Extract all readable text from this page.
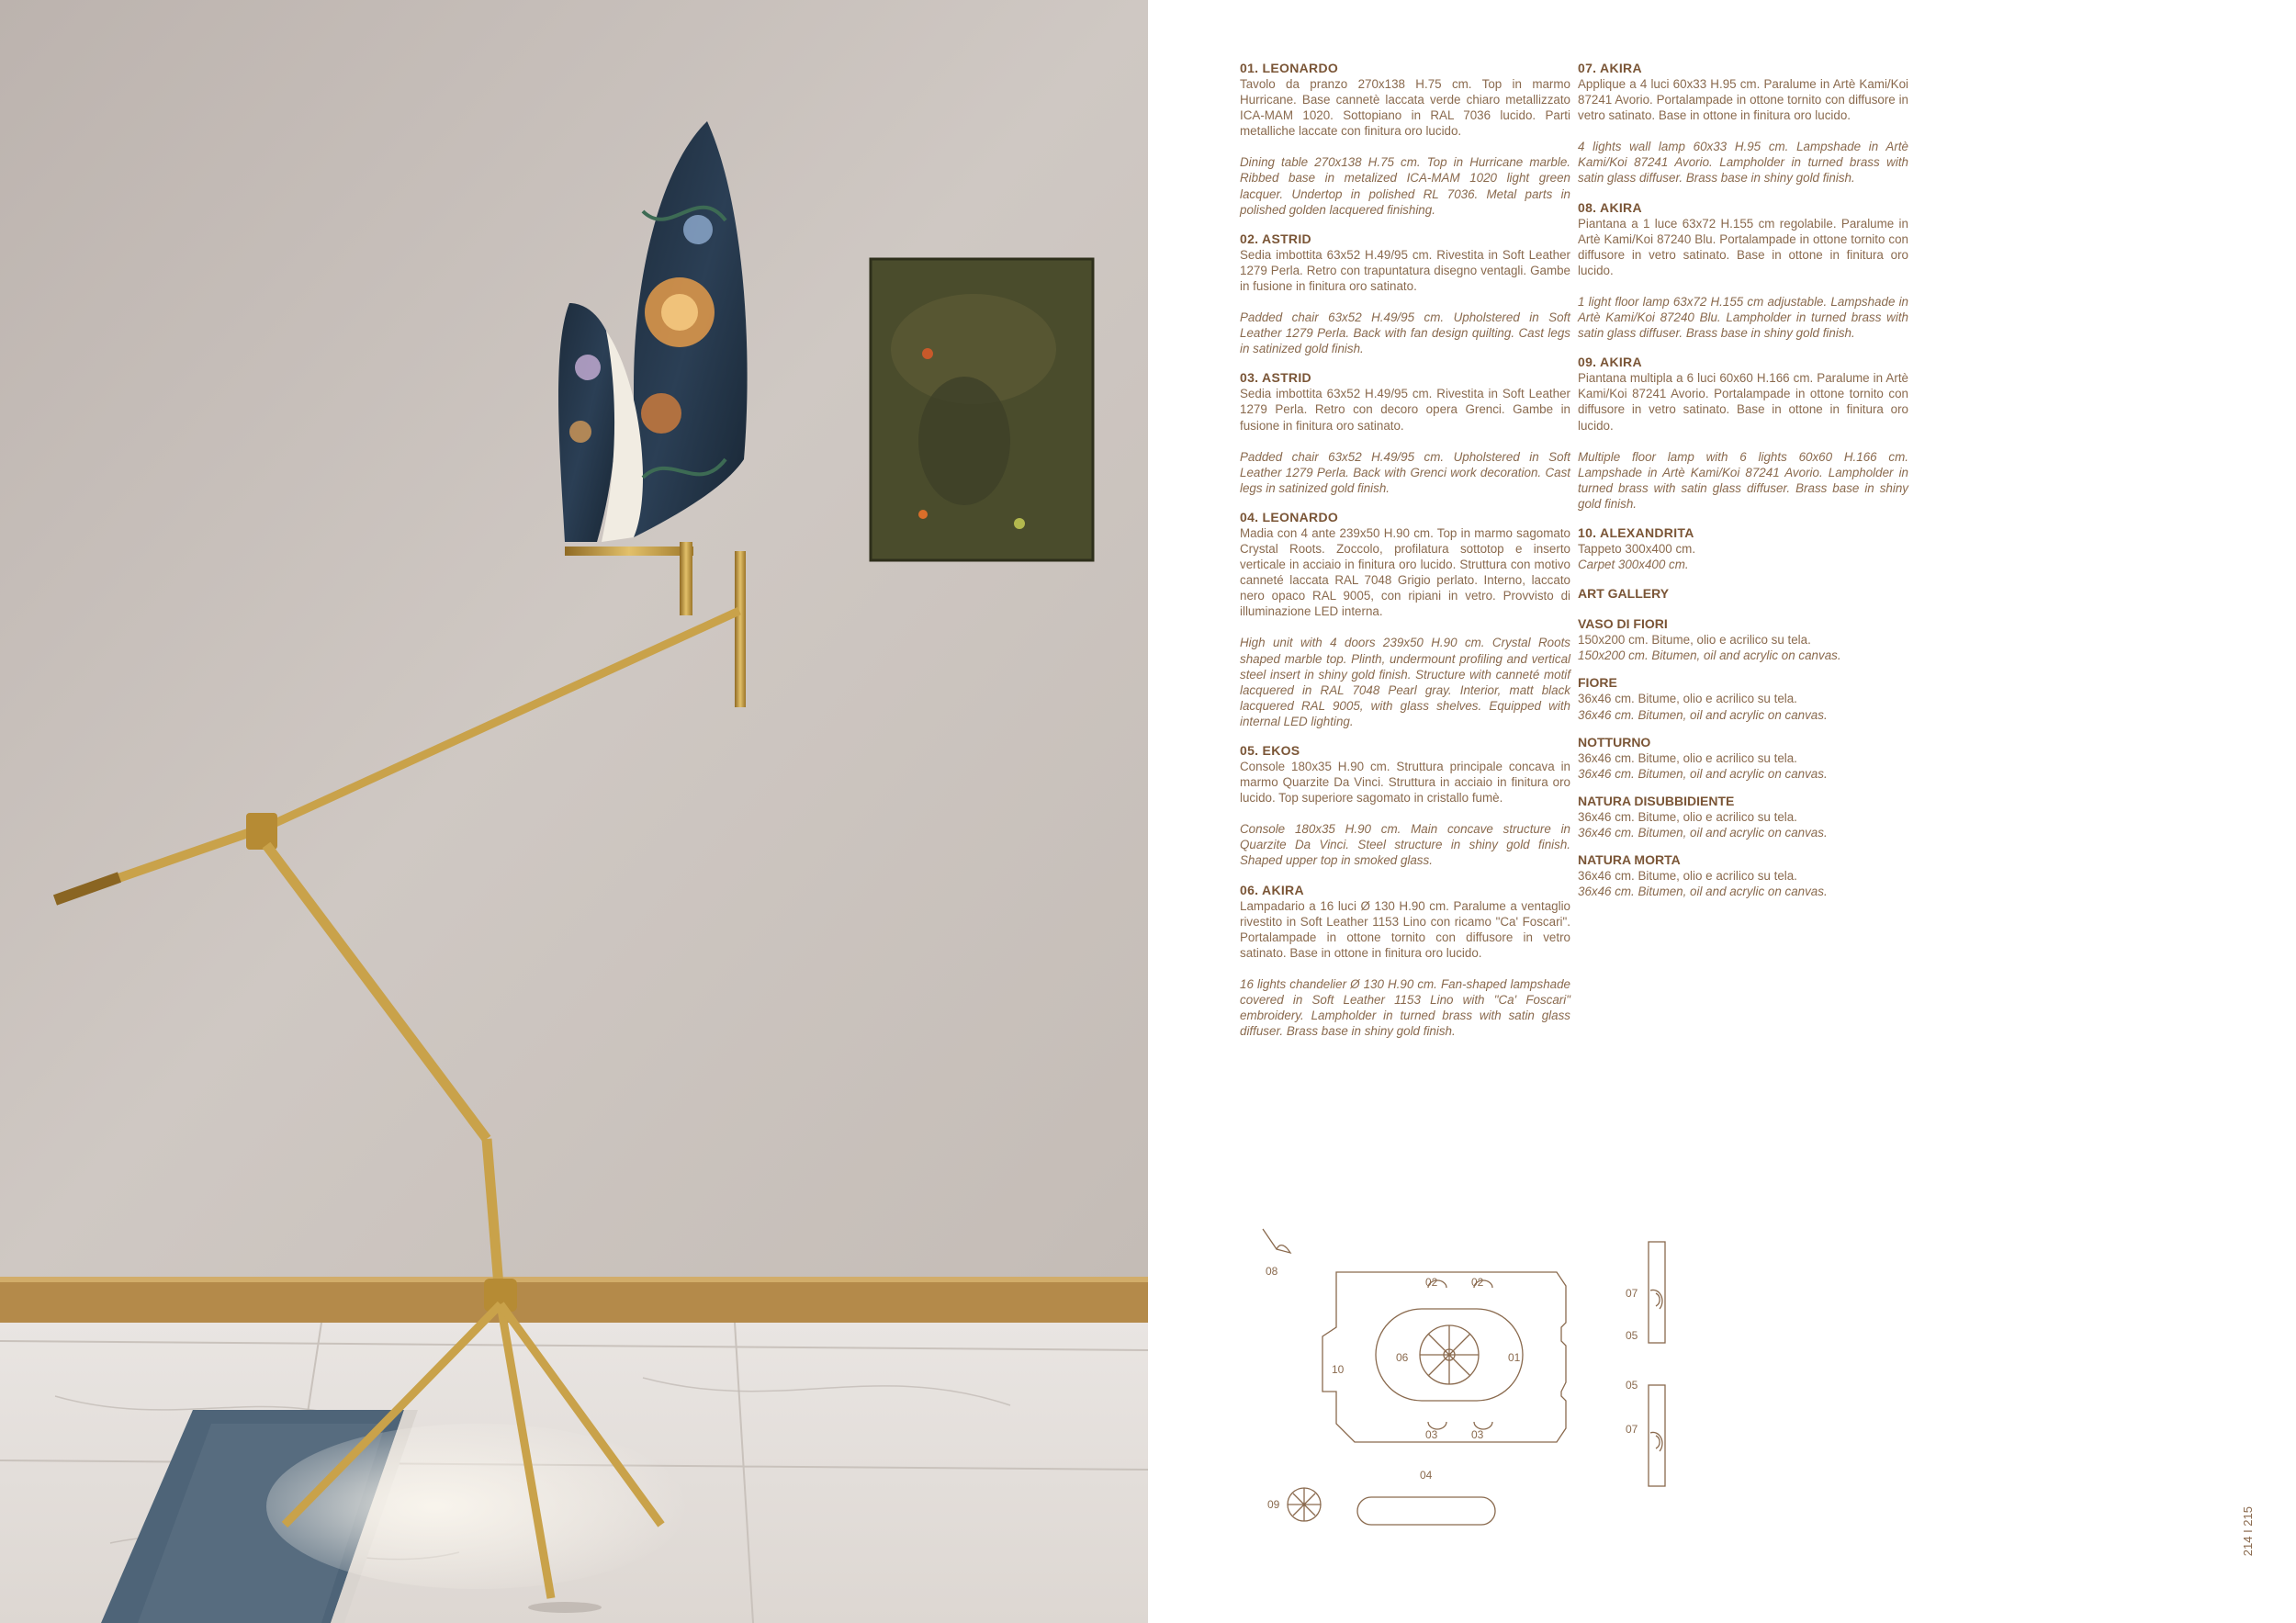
01. LEONARDO

Tavolo da pranzo 270x138 H.75 cm. Top in marmo Hurricane. Base cannetè laccata verde chiaro metallizzato ICA-MAM 1020. Sottopiano in RAL 7036 lucido. Parti metalliche laccate con finitura oro lucido.

Dining table 270x138 H.75 cm. Top in Hurricane marble. Ribbed base in metalized ICA-MAM 1020 light green lacquer. Undertop in polished RL 7036. Metal parts in polished golden lacquered finishing.

02. ASTRID

Sedia imbottita 63x52 H.49/95 cm. Rivestita in Soft Leather 1279 Perla. Retro con trapuntatura disegno ventagli. Gambe in fusione in finitura oro satinato.

Padded chair 63x52 H.49/95 cm. Upholstered in Soft Leather 1279 Perla. Back with fan design quilting. Cast legs in satinized gold finish.

03. ASTRID

Sedia imbottita 63x52 H.49/95 cm. Rivestita in Soft Leather 1279 Perla. Retro con decoro opera Grenci. Gambe in fusione in finitura oro satinato.

Padded chair 63x52 H.49/95 cm. Upholstered in Soft Leather 1279 Perla. Back with Grenci work decoration. Cast legs in satinized gold finish.

04. LEONARDO

Madia con 4 ante 239x50 H.90 cm. Top in marmo sagomato Crystal Roots. Zoccolo, profilatura sottotop e inserto verticale in acciaio in finitura oro lucido. Struttura con motivo canneté laccata RAL 7048 Grigio perlato. Interno, laccato nero opaco RAL 9005, con ripiani in vetro. Provvisto di illuminazione LED interna.

High unit with 4 doors 239x50 H.90 cm. Crystal Roots shaped marble top. Plinth, undermount profiling and vertical steel insert in shiny gold finish. Structure with canneté motif lacquered in RAL 7048 Pearl gray. Interior, matt black lacquered RAL 9005, with glass shelves. Equipped with internal LED lighting.

05. EKOS

Console 180x35 H.90 cm. Struttura principale concava in marmo Quarzite Da Vinci. Struttura in acciaio in finitura oro lucido. Top superiore sagomato in cristallo fumè.

Console 180x35 H.90 cm. Main concave structure in Quarzite Da Vinci. Steel structure in shiny gold finish. Shaped upper top in smoked glass.

06. AKIRA

Lampadario a 16 luci Ø 130 H.90 cm. Paralume a ventaglio rivestito in Soft Leather 1153 Lino con ricamo "Ca' Foscari". Portalampade in ottone tornito con diffusore in vetro satinato. Base in ottone in finitura oro lucido.

16 lights chandelier Ø 130 H.90 cm. Fan-shaped lampshade covered in Soft Leather 1153 Lino with "Ca' Foscari" embroidery. Lampholder in turned brass with satin glass diffuser. Brass base in shiny gold finish.

07. AKIRA

Applique a 4 luci 60x33 H.95 cm. Paralume in Artè Kami/Koi 87241 Avorio. Portalampade in ottone tornito con diffusore in vetro satinato. Base in ottone in finitura oro lucido.

4 lights wall lamp 60x33 H.95 cm. Lampshade in Artè Kami/Koi 87241 Avorio. Lampholder in turned brass with satin glass diffuser. Brass base in shiny gold finish.

08. AKIRA

Piantana a 1 luce 63x72 H.155 cm regolabile. Paralume in Artè Kami/Koi 87240 Blu. Portalampade in ottone tornito con diffusore in vetro satinato. Base in ottone in finitura oro lucido.

1 light floor lamp 63x72 H.155 cm adjustable. Lampshade in Artè Kami/Koi 87240 Blu. Lampholder in turned brass with satin glass diffuser. Brass base in shiny gold finish.

09. AKIRA

Piantana multipla a 6 luci 60x60 H.166 cm. Paralume in Artè Kami/Koi 87241 Avorio. Portalampade in ottone tornito con diffusore in vetro satinato. Base in ottone in finitura oro lucido.

Multiple floor lamp with 6 lights 60x60 H.166 cm. Lampshade in Artè Kami/Koi 87241 Avorio. Lampholder in turned brass with satin glass diffuser. Brass base in shiny gold finish.

10. ALEXANDRITA

Tappeto 300x400 cm.

Carpet 300x400 cm.

ART GALLERY
VASO DI FIORI

150x200 cm. Bitume, olio e acrilico su tela.

150x200 cm. Bitumen, oil and acrylic on canvas.

FIORE

36x46 cm. Bitume, olio e acrilico su tela.

36x46 cm. Bitumen, oil and acrylic on canvas.

NOTTURNO

36x46 cm. Bitume, olio e acrilico su tela.

36x46 cm. Bitumen, oil and acrylic on canvas.

NATURA DISUBBIDIENTE

36x46 cm. Bitume, olio e acrilico su tela.

36x46 cm. Bitumen, oil and acrylic on canvas.

NATURA MORTA

36x46 cm. Bitume, olio e acrilico su tela.

36x46 cm. Bitumen, oil and acrylic on canvas.

08
02	02
06	01
10
03	03
04
09
07
05
05
07
214 I 215
